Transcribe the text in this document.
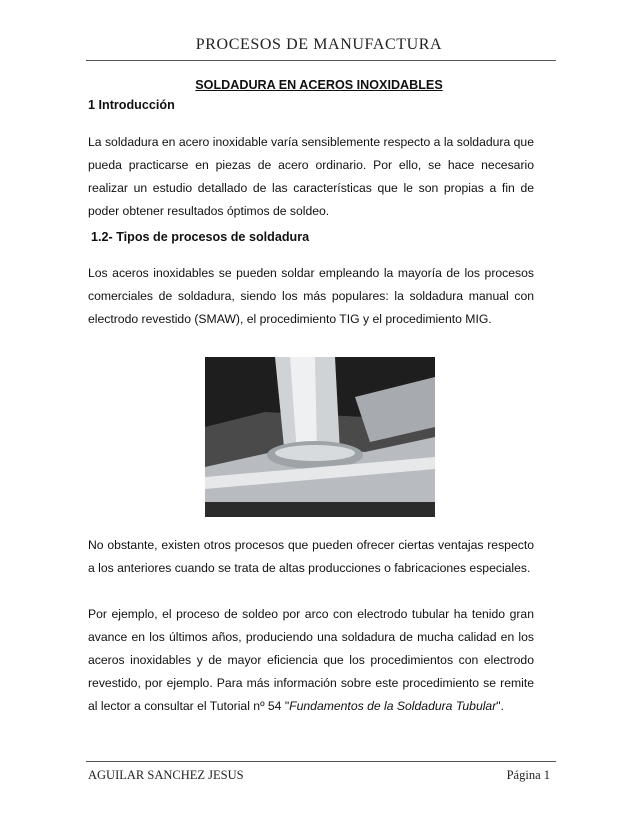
PROCESOS DE MANUFACTURA
SOLDADURA EN ACEROS INOXIDABLES
1 Introducción
La soldadura en acero inoxidable varía sensiblemente respecto a la soldadura que pueda practicarse en piezas de acero ordinario. Por ello, se hace necesario realizar un estudio detallado de las características que le son propias a fin de poder obtener resultados óptimos de soldeo.
1.2- Tipos de procesos de soldadura
Los aceros inoxidables se pueden soldar empleando la mayoría de los procesos comerciales de soldadura, siendo los más populares: la soldadura manual con electrodo revestido (SMAW), el procedimiento TIG y el procedimiento MIG.
No obstante, existen otros procesos que pueden ofrecer ciertas ventajas respecto a los anteriores cuando se trata de altas producciones o fabricaciones especiales.
Por ejemplo, el proceso de soldeo por arco con electrodo tubular ha tenido gran avance en los últimos años, produciendo una soldadura de mucha calidad en los aceros inoxidables y de mayor eficiencia que los procedimientos con electrodo revestido, por ejemplo. Para más información sobre este procedimiento se remite al lector a consultar el Tutorial nº 54 "Fundamentos de la Soldadura Tubular".
AGUILAR SANCHEZ JESUS	Página 1
